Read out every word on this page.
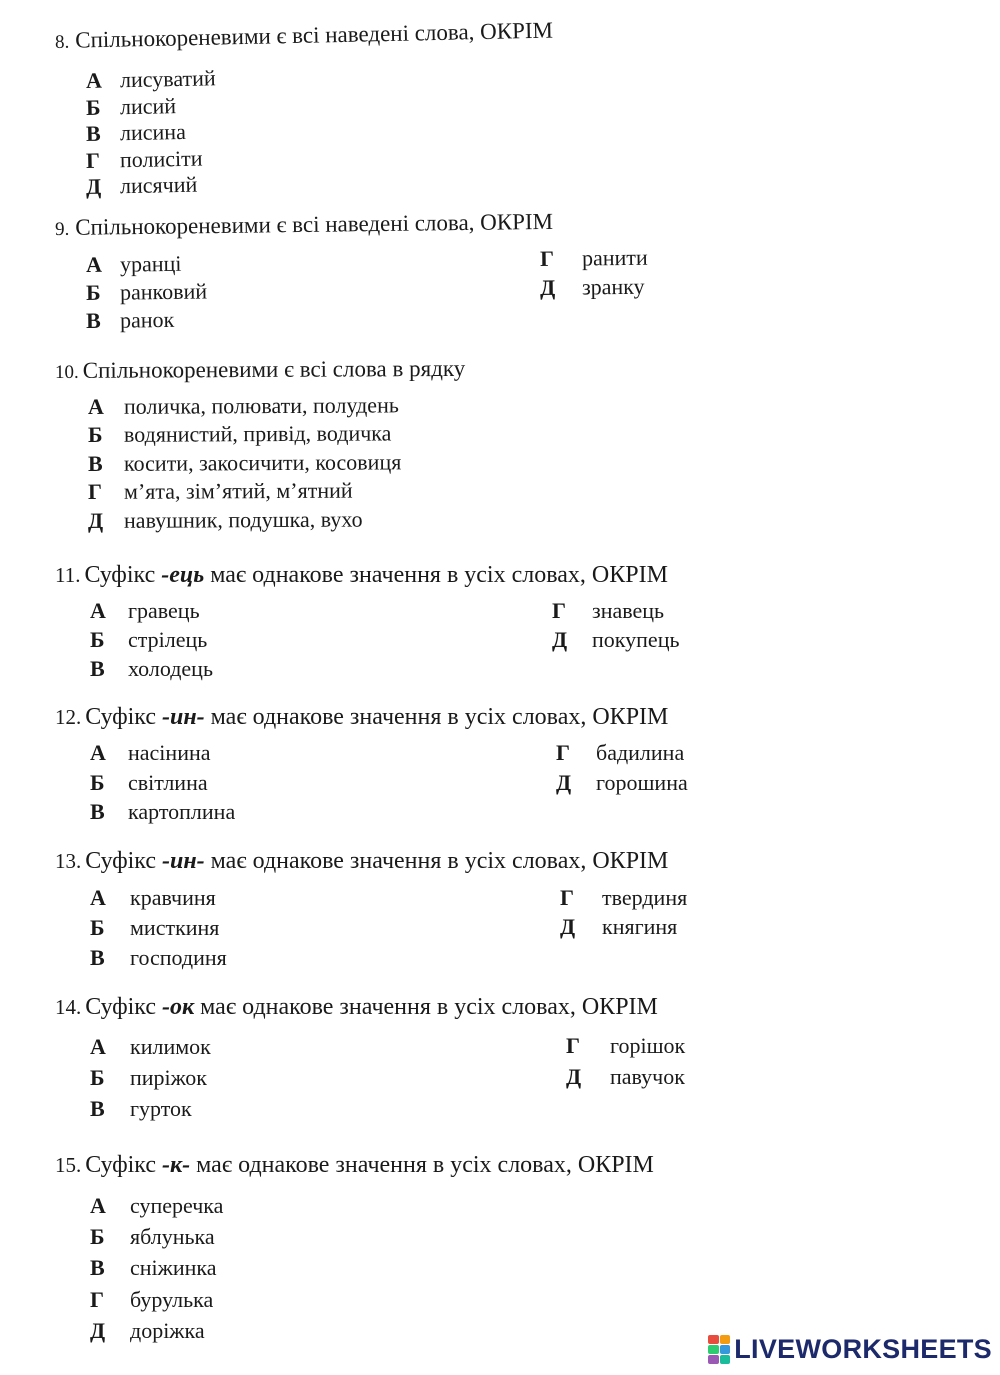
8. Спільнокореневими є всі наведені слова, ОКРІМ
А лисуватий
Б лисий
В лисина
Г полисіти
Д лисячий
9. Спільнокореневими є всі наведені слова, ОКРІМ
А уранці
Б ранковий
В ранок
Г ранити
Д зранку
10. Спільнокореневими є всі слова в рядку
А поличка, полювати, полудень
Б водянистий, привід, водичка
В косити, закосичити, косовиця
Г м’ята, зім’ятий, м’ятний
Д навушник, подушка, вухо
11. Суфікс -ець має однакове значення в усіх словах, ОКРІМ
А гравець
Б стрілець
В холодець
Г знавець
Д покупець
12. Суфікс -ин- має однакове значення в усіх словах, ОКРІМ
А насінина
Б світлина
В картоплина
Г бадилина
Д горошина
13. Суфікс -ин- має однакове значення в усіх словах, ОКРІМ
А кравчиня
Б мисткиня
В господиня
Г твердиня
Д княгиня
14. Суфікс -ок має однакове значення в усіх словах, ОКРІМ
А килимок
Б пиріжок
В гурток
Г горішок
Д павучок
15. Суфікс -к- має однакове значення в усіх словах, ОКРІМ
А суперечка
Б яблунька
В сніжинка
Г бурулька
Д доріжка
LIVEWORKSHEETS
